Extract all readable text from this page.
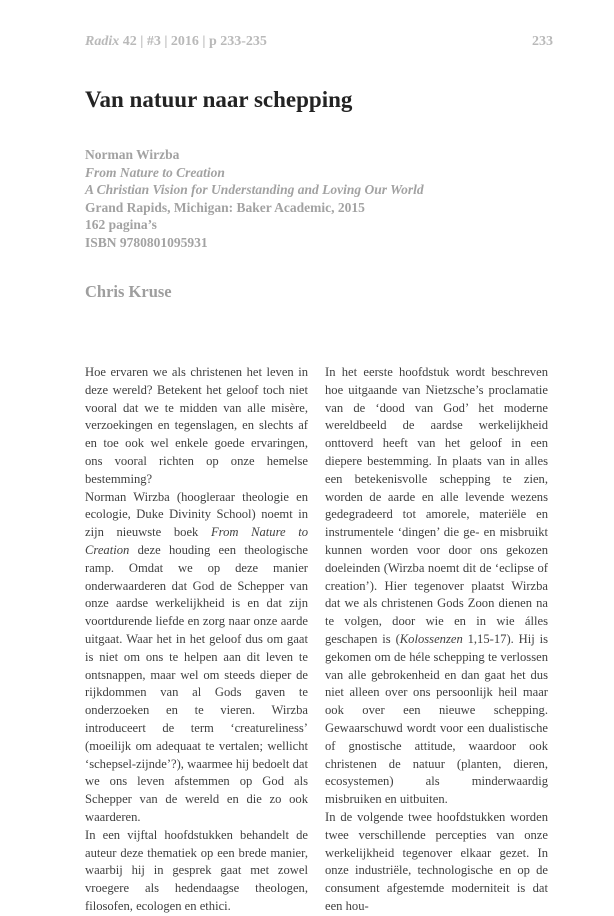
Radix 42 | #3 | 2016 | p 233-235	233
Van natuur naar schepping
Norman Wirzba
From Nature to Creation
A Christian Vision for Understanding and Loving Our World
Grand Rapids, Michigan: Baker Academic, 2015
162 pagina’s
ISBN 9780801095931
Chris Kruse

Hoe ervaren we als christenen het leven in deze wereld? Betekent het geloof toch niet vooral dat we te midden van alle misère, verzoekingen en tegenslagen, en slechts af en toe ook wel enkele goede ervaringen, ons vooral richten op onze hemelse bestemming?

Norman Wirzba (hoogleraar theologie en ecologie, Duke Divinity School) noemt in zijn nieuwste boek From Nature to Creation deze houding een theologische ramp. Omdat we op deze manier onderwaarderen dat God de Schepper van onze aardse werkelijkheid is en dat zijn voortdurende liefde en zorg naar onze aarde uitgaat. Waar het in het geloof dus om gaat is niet om ons te helpen aan dit leven te ontsnappen, maar wel om steeds dieper de rijkdommen van al Gods gaven te onderzoeken en te vieren. Wirzba introduceert de term ‘creatureliness’ (moeilijk om adequaat te vertalen; wellicht ‘schepsel-zijnde’?), waarmee hij bedoelt dat we ons leven afstemmen op God als Schepper van de wereld en die zo ook waarderen.

In een vijftal hoofdstukken behandelt de auteur deze thematiek op een brede manier, waarbij hij in gesprek gaat met zowel vroegere als hedendaagse theologen, filosofen, ecologen en ethici.

In het eerste hoofdstuk wordt beschreven hoe uitgaande van Nietzsche’s proclamatie van de ‘dood van God’ het moderne wereldbeeld de aardse werkelijkheid onttoverd heeft van het geloof in een diepere bestemming. In plaats van in alles een betekenisvolle schepping te zien, worden de aarde en alle levende wezens gedegradeerd tot amorele, materiële en instrumentele ‘dingen’ die ge- en misbruikt kunnen worden voor door ons gekozen doeleinden (Wirzba noemt dit de ‘eclipse of creation’). Hier tegenover plaatst Wirzba dat we als christenen Gods Zoon dienen na te volgen, door wie en in wie álles geschapen is (Kolossenzen 1,15-17). Hij is gekomen om de héle schepping te verlossen van alle gebrokenheid en dan gaat het dus niet alleen over ons persoonlijk heil maar ook over een nieuwe schepping. Gewaarschuwd wordt voor een dualistische of gnostische attitude, waardoor ook christenen de natuur (planten, dieren, ecosystemen) als minderwaardig misbruiken en uitbuiten.

In de volgende twee hoofdstukken worden twee verschillende percepties van onze werkelijkheid tegenover elkaar gezet. In onze industriële, technologische en op de consument afgestemde moderniteit is dat een hou-
